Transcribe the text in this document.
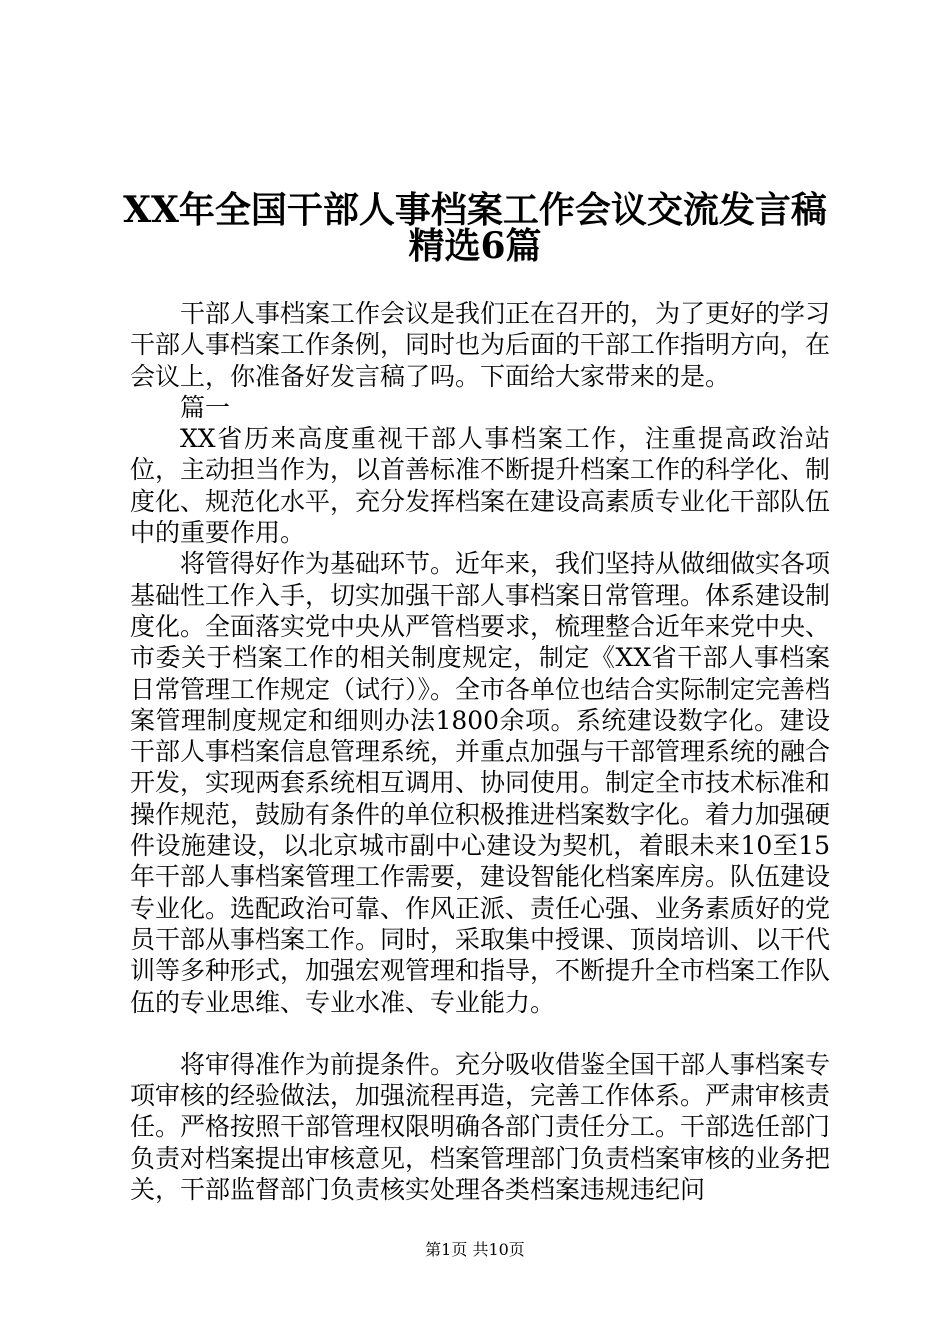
XX年全国干部人事档案工作会议交流发言稿
精选6篇

干部人事档案工作会议是我们正在召开的，为了更好的学习干部人事档案工作条例，同时也为后面的干部工作指明方向，在会议上，你准备好发言稿了吗。下面给大家带来的是。

篇一

XX省历来高度重视干部人事档案工作，注重提高政治站位，主动担当作为，以首善标准不断提升档案工作的科学化、制度化、规范化水平，充分发挥档案在建设高素质专业化干部队伍中的重要作用。

将管得好作为基础环节。近年来，我们坚持从做细做实各项基础性工作入手，切实加强干部人事档案日常管理。体系建设制度化。全面落实党中央从严管档要求，梳理整合近年来党中央、市委关于档案工作的相关制度规定，制定《XX省干部人事档案日常管理工作规定（试行）》。全市各单位也结合实际制定完善档案管理制度规定和细则办法1800余项。系统建设数字化。建设干部人事档案信息管理系统，并重点加强与干部管理系统的融合开发，实现两套系统相互调用、协同使用。制定全市技术标准和操作规范，鼓励有条件的单位积极推进档案数字化。着力加强硬件设施建设，以北京城市副中心建设为契机，着眼未来10至15年干部人事档案管理工作需要，建设智能化档案库房。队伍建设专业化。选配政治可靠、作风正派、责任心强、业务素质好的党员干部从事档案工作。同时，采取集中授课、顶岗培训、以干代训等多种形式，加强宏观管理和指导，不断提升全市档案工作队伍的专业思维、专业水准、专业能力。

将审得准作为前提条件。充分吸收借鉴全国干部人事档案专项审核的经验做法，加强流程再造，完善工作体系。严肃审核责任。严格按照干部管理权限明确各部门责任分工。干部选任部门负责对档案提出审核意见，档案管理部门负责档案审核的业务把关，干部监督部门负责核实处理各类档案违规违纪问

第1页 共10页
